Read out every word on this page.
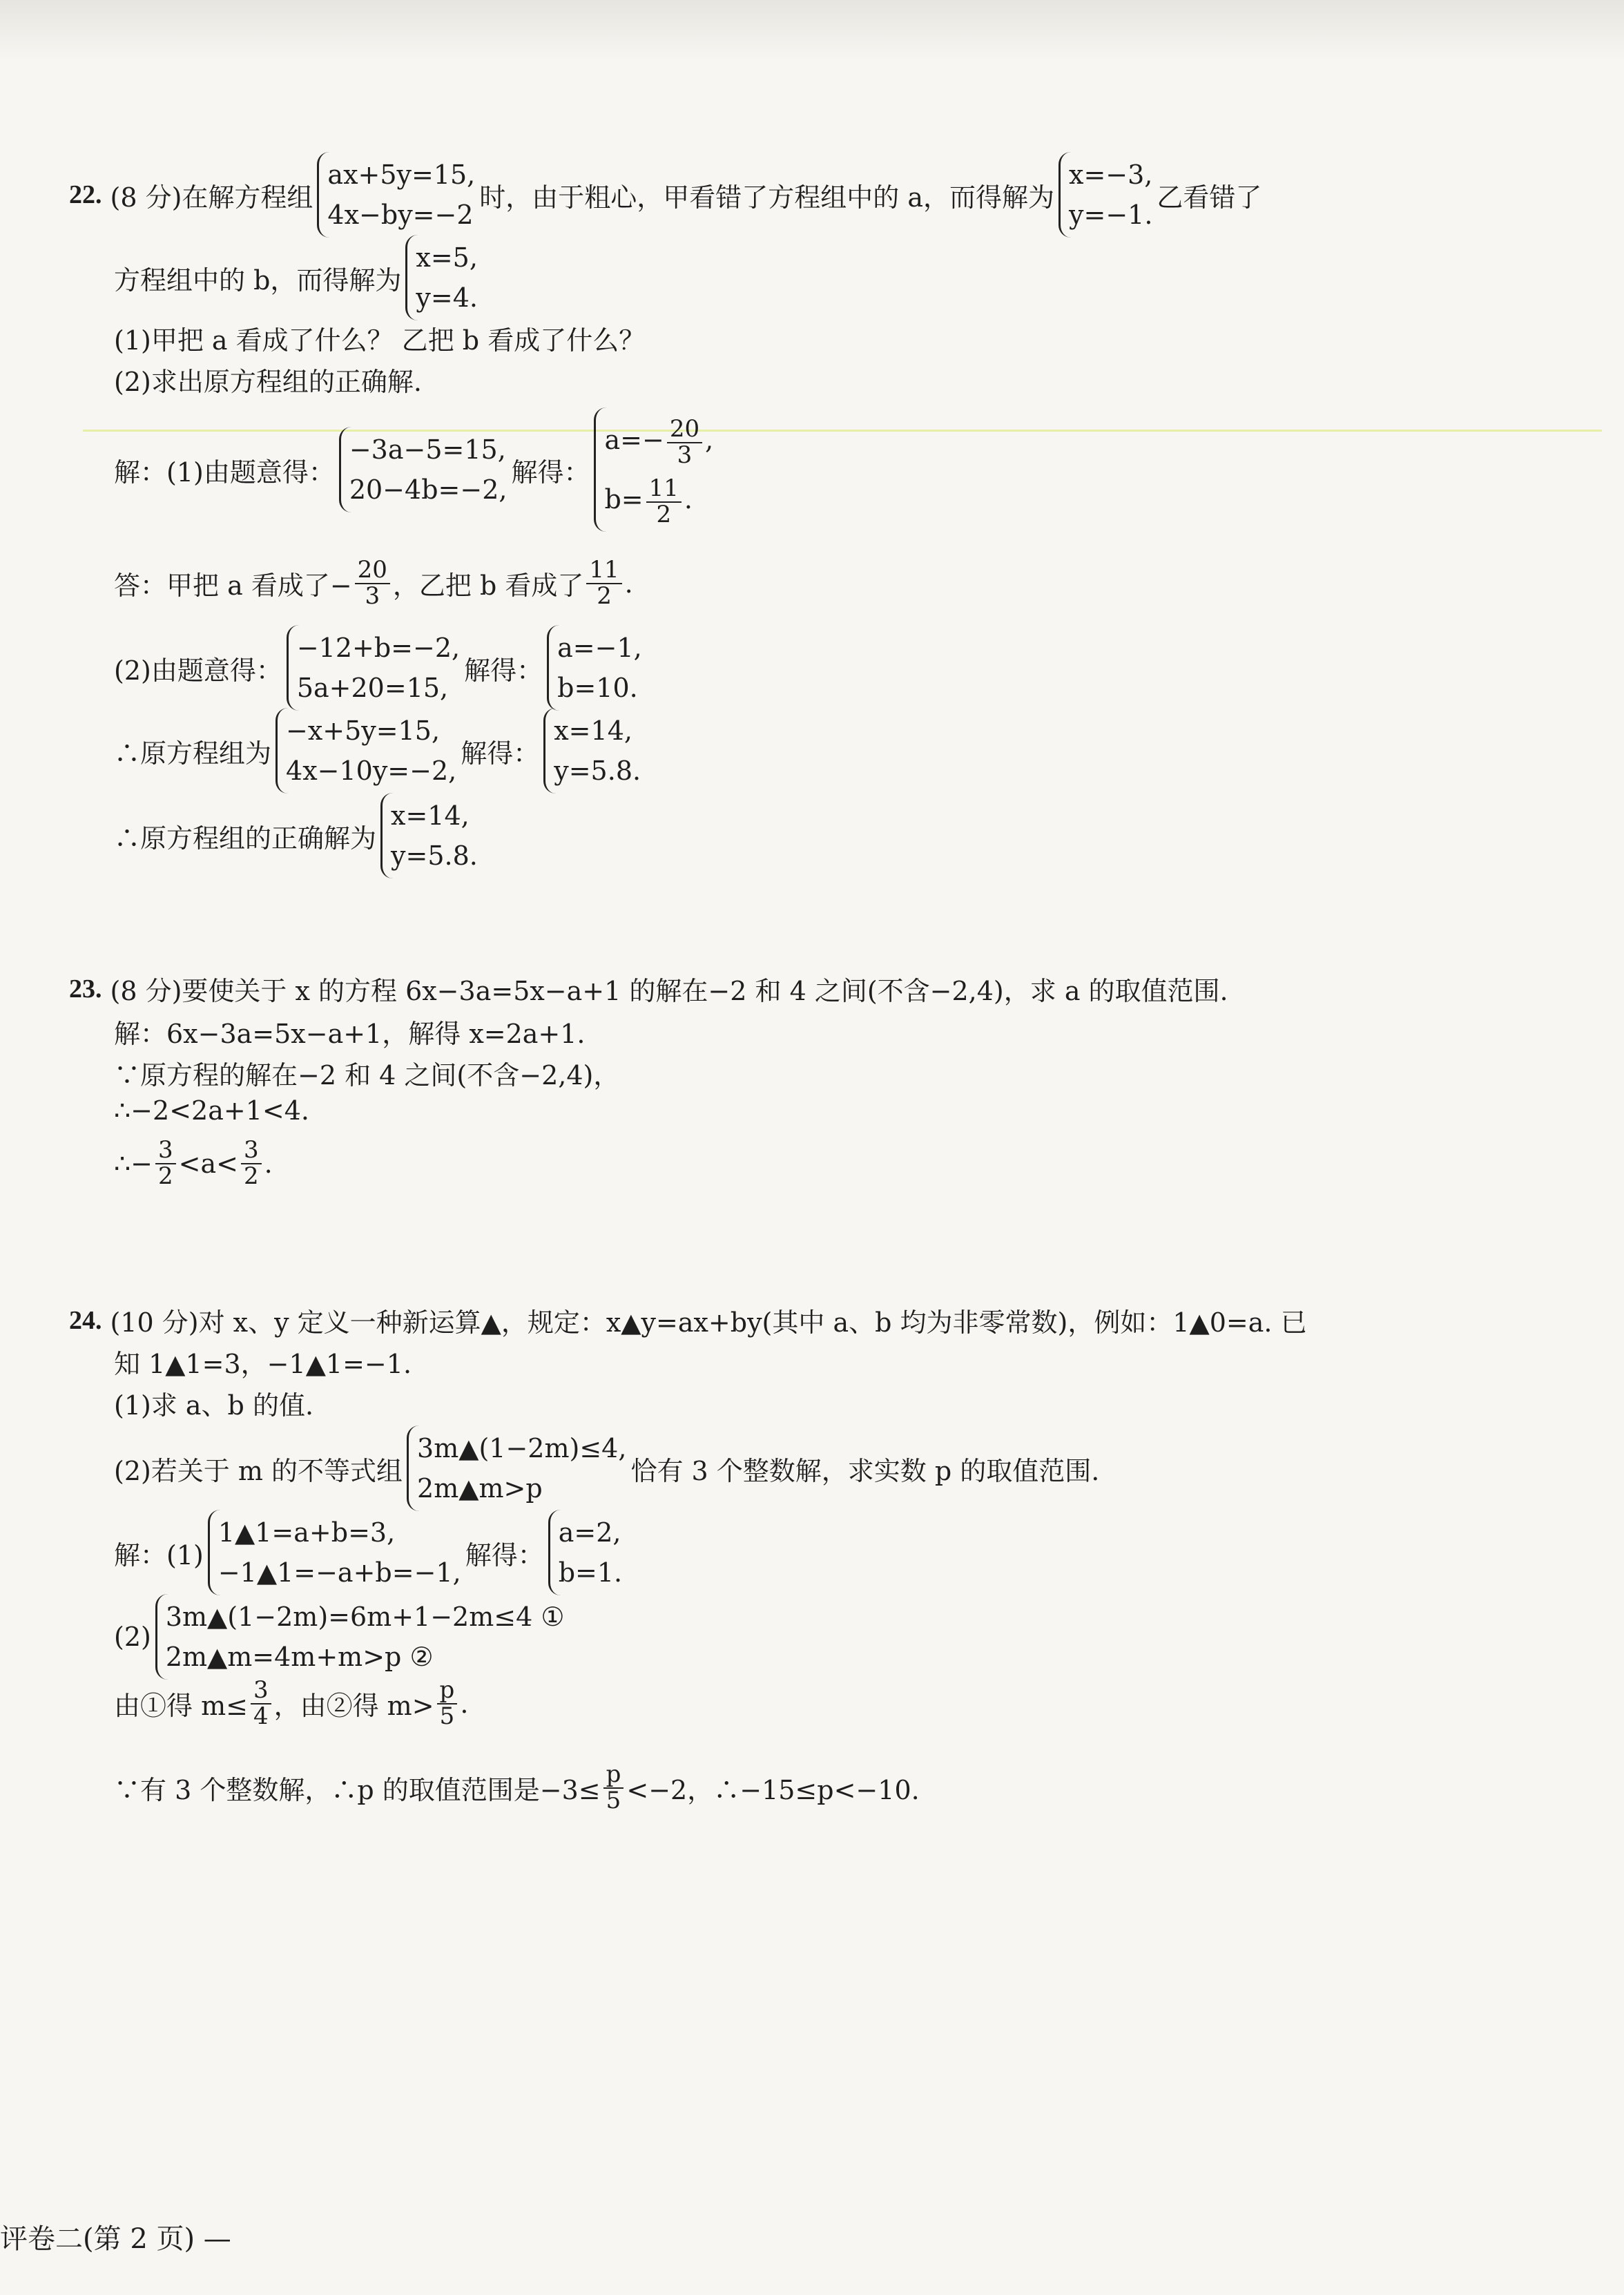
22. (8 分)在解方程组
ax+5y=15,
4x−by=−2
时，由于粗心，甲看错了方程组中的 a，而得解为
x=−3,
y=−1.
乙看错了
方程组中的 b，而得解为
x=5,
y=4.
(1)甲把 a 看成了什么？ 乙把 b 看成了什么？
(2)求出原方程组的正确解.
解：(1)由题意得：
−3a−5=15,
20−4b=−2,
解得：
$a=- \frac{20}{3}$ ,
$b= \frac{11}{2}$ .
答：甲把 a 看成了− $\frac{20}{3}$ ，乙把 b 看成了 $\frac{11}{2}$ .
(2)由题意得：
−12+b=−2,
5a+20=15,
解得：
a=−1,
b=10.
∴原方程组为
−x+5y=15,
4x−10y=−2,
解得：
x=14,
y=5.8.
∴原方程组的正确解为
x=14,
y=5.8.
23. (8 分)要使关于 x 的方程 6x−3a=5x−a+1 的解在−2 和 4 之间(不含−2,4)，求 a 的取值范围.
解：6x−3a=5x−a+1，解得 x=2a+1.
∵原方程的解在−2 和 4 之间(不含−2,4)，
∴−2<2a+1<4.
∴− $\frac{3}{2} <a< \frac{3}{2}$ .
24. (10 分)对 x、y 定义一种新运算▲，规定：x▲y=ax+by(其中 a、b 均为非零常数)，例如：1▲0=a. 已
知 1▲1=3，−1▲1=−1.
(1)求 a、b 的值.
(2)若关于 m 的不等式组
3m▲(1−2m)≤4,
2m▲m>p
恰有 3 个整数解，求实数 p 的取值范围.
解：(1)
1▲1=a+b=3,
−1▲1=−a+b=−1,
解得：
a=2,
b=1.
(2)
3m▲(1−2m)=6m+1−2m≤4 ①
2m▲m=4m+m>p ②
由①得 $m\le \frac{3}{4}$ ，由②得 $m> \frac{p}{5}$ .
∵有 3 个整数解，∴p 的取值范围是$-3\le \frac{p}{5} <-2$，∴−15≤p<−10.
评卷二(第 2 页) —
